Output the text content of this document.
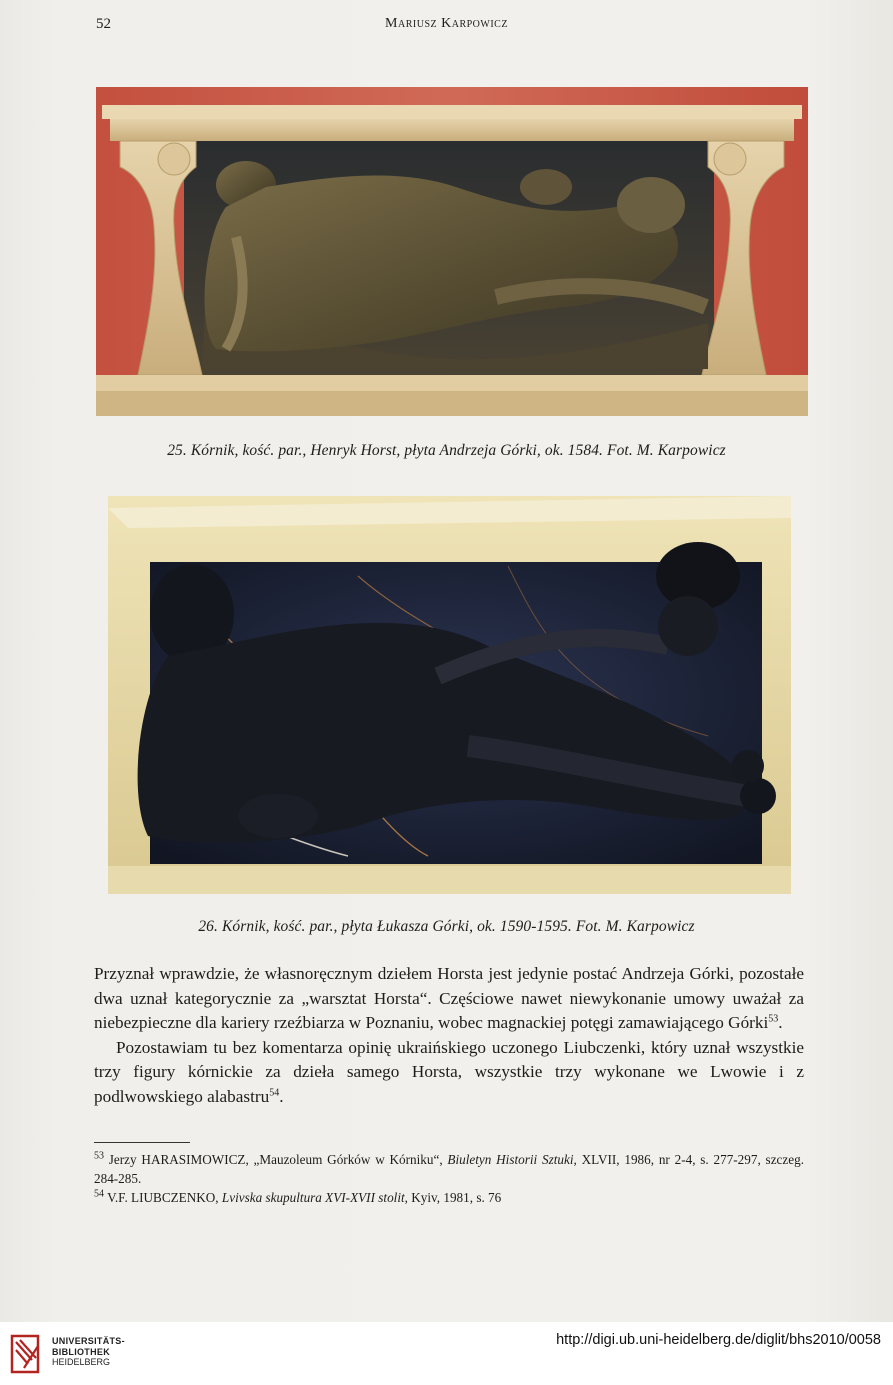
52	Mariusz Karpowicz
25. Kórnik, kość. par., Henryk Horst, płyta Andrzeja Górki, ok. 1584. Fot. M. Karpowicz
26. Kórnik, kość. par., płyta Łukasza Górki, ok. 1590-1595. Fot. M. Karpowicz

Przyznał wprawdzie, że własnoręcznym dziełem Horsta jest jedynie postać Andrzeja Górki, pozostałe dwa uznał kategorycznie za „warsztat Horsta“. Częściowe nawet niewykonanie umowy uważał za niebezpieczne dla kariery rzeźbiarza w Poznaniu, wobec magnackiej potęgi zamawiającego Górki$^{53}$.

Pozostawiam tu bez komentarza opinię ukraińskiego uczonego Liubczenki, który uznał wszystkie trzy figury kórnickie za dzieła samego Horsta, wszystkie trzy wykonane we Lwowie i z podlwowskiego alabastru$^{54}$.

$^{53}$ Jerzy HARASIMOWICZ, „Mauzoleum Górków w Kórniku“, Biuletyn Historii Sztuki, XLVII, 1986, nr 2-4, s. 277-297, szczeg. 284-285.

$^{54}$ V.F. LIUBCZENKO, Lvivska skupultura XVI-XVII stolit, Kyiv, 1981, s. 76

UNIVERSITÄTS-
BIBLIOTHEK
HEIDELBERG
http://digi.ub.uni-heidelberg.de/diglit/bhs2010/0058
